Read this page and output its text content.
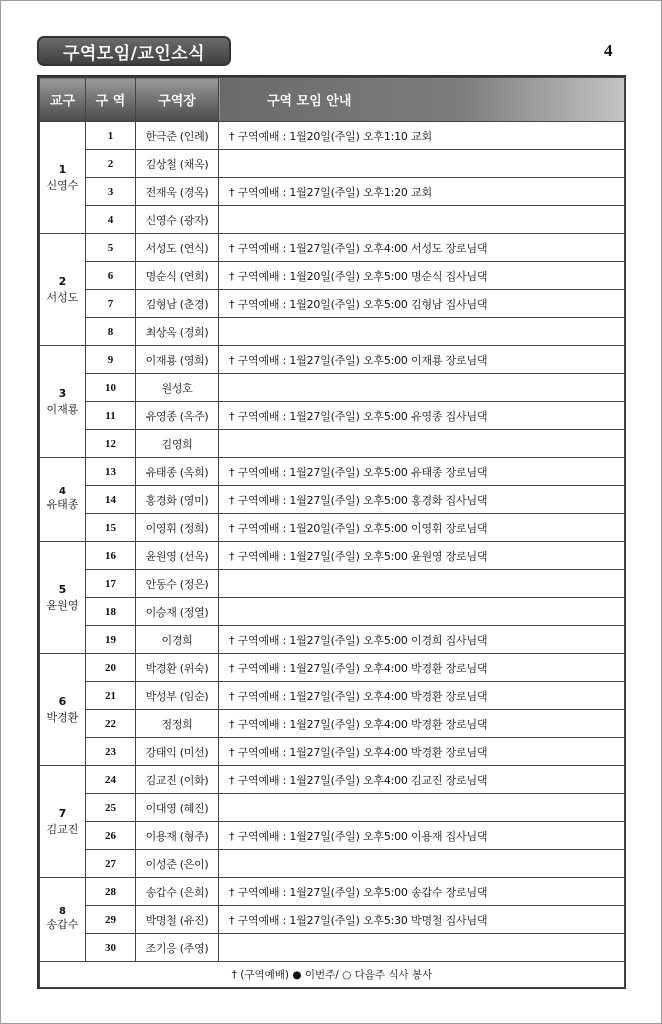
구역모임/교인소식	4
교구	구 역	구역장	구역 모임 안내

1
신영수	1	한극준 (인례)	† 구역예배 : 1월20일(주일) 오후1:10 교회
	2	김상철 (채옥)	
	3	전재욱 (경옥)	† 구역예배 : 1월27일(주일) 오후1:20 교회
	4	신영수 (광자)	

2
서성도	5	서성도 (연식)	† 구역예배 : 1월27일(주일) 오후4:00 서성도 장로님댁
	6	명순식 (연희)	† 구역예배 : 1월20일(주일) 오후5:00 명순식 집사님댁
	7	김형남 (춘경)	† 구역예배 : 1월20일(주일) 오후5:00 김형남 집사님댁
	8	최상옥 (경희)	

3
이재룡	9	이재룡 (영희)	† 구역예배 : 1월27일(주일) 오후5:00 이재룡 장로님댁
	10	원성호	
	11	유영종 (옥주)	† 구역예배 : 1월27일(주일) 오후5:00 유영종 집사님댁
	12	김영희	

4
유태종	13	유태종 (옥희)	† 구역예배 : 1월27일(주일) 오후5:00 유태종 장로님댁
	14	홍경화 (영미)	† 구역예배 : 1월27일(주일) 오후5:00 홍경화 집사님댁
	15	이영휘 (정희)	† 구역예배 : 1월20일(주일) 오후5:00 이영휘 장로님댁

5
윤원영	16	윤원영 (선옥)	† 구역예배 : 1월27일(주일) 오후5:00 윤원영 장로님댁
	17	안동수 (정은)	
	18	이승재 (정열)	
	19	이경희	† 구역예배 : 1월27일(주일) 오후5:00 이경희 집사님댁

6
박경환	20	박경환 (위숙)	† 구역예배 : 1월27일(주일) 오후4:00 박경환 장로님댁
	21	박성부 (임순)	† 구역예배 : 1월27일(주일) 오후4:00 박경환 장로님댁
	22	정정희	† 구역예배 : 1월27일(주일) 오후4:00 박경환 장로님댁
	23	강태익 (미선)	† 구역예배 : 1월27일(주일) 오후4:00 박경환 장로님댁

7
김교진	24	김교진 (이화)	† 구역예배 : 1월27일(주일) 오후4:00 김교진 장로님댁
	25	이대영 (혜진)	
	26	이용재 (형주)	† 구역예배 : 1월27일(주일) 오후5:00 이용재 집사님댁
	27	이성준 (은이)	

8
송갑수	28	송갑수 (은희)	† 구역예배 : 1월27일(주일) 오후5:00 송갑수 장로님댁
	29	박명철 (유진)	† 구역예배 : 1월27일(주일) 오후5:30 박명철 집사님댁
	30	조기응 (주영)	
† (구역예배) ● 이번주/ ○ 다음주 식사 봉사			
